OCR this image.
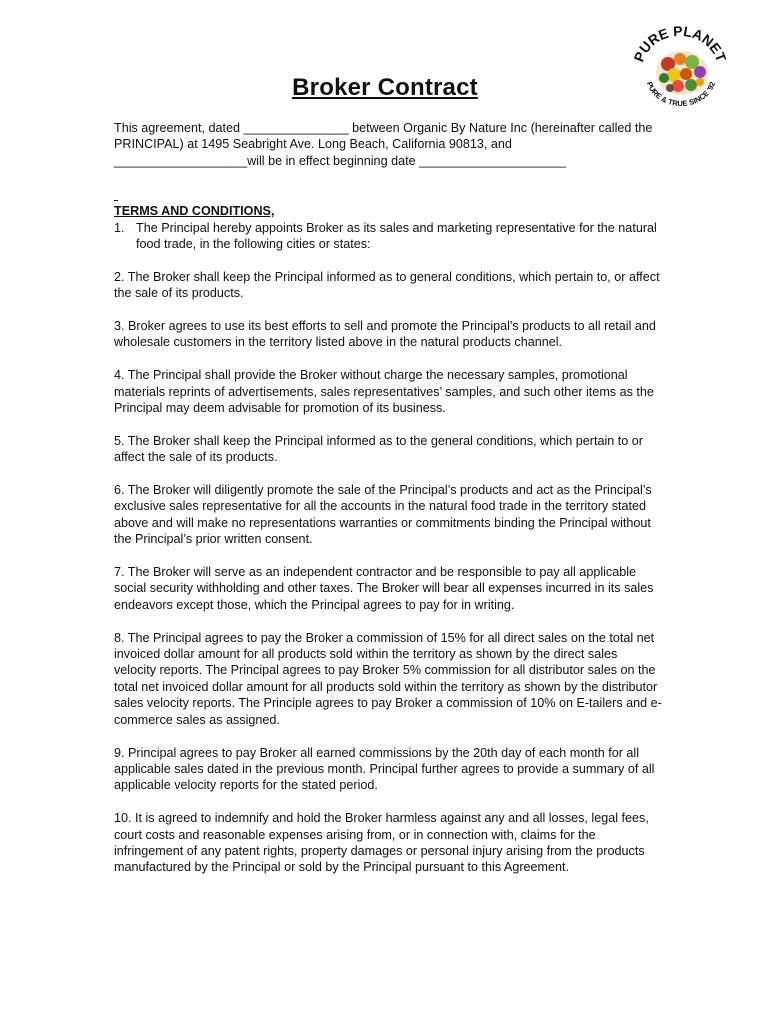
PURE PLANET
PURE & TRUE SINCE '92
Broker Contract

This agreement, dated _______________ between Organic By Nature Inc (hereinafter called the PRINCIPAL) at 1495 Seabright Ave. Long Beach, California 90813, and ___________________will be in effect beginning date _____________________

TERMS AND CONDITIONS,

1. The Principal hereby appoints Broker as its sales and marketing representative for the natural food trade, in the following cities or states:

2. The Broker shall keep the Principal informed as to general conditions, which pertain to, or affect the sale of its products.

3. Broker agrees to use its best efforts to sell and promote the Principal's products to all retail and wholesale customers in the territory listed above in the natural products channel.

4. The Principal shall provide the Broker without charge the necessary samples, promotional materials reprints of advertisements, sales representatives’ samples, and such other items as the Principal may deem advisable for promotion of its business.

5. The Broker shall keep the Principal informed as to the general conditions, which pertain to or affect the sale of its products.

6. The Broker will diligently promote the sale of the Principal’s products and act as the Principal’s exclusive sales representative for all the accounts in the natural food trade in the territory stated above and will make no representations warranties or commitments binding the Principal without the Principal’s prior written consent.

7. The Broker will serve as an independent contractor and be responsible to pay all applicable social security withholding and other taxes. The Broker will bear all expenses incurred in its sales endeavors except those, which the Principal agrees to pay for in writing.

8. The Principal agrees to pay the Broker a commission of 15% for all direct sales on the total net invoiced dollar amount for all products sold within the territory as shown by the direct sales velocity reports. The Principal agrees to pay Broker 5% commission for all distributor sales on the total net invoiced dollar amount for all products sold within the territory as shown by the distributor sales velocity reports. The Principle agrees to pay Broker a commission of 10% on E-tailers and e-commerce sales as assigned.

9. Principal agrees to pay Broker all earned commissions by the 20th day of each month for all applicable sales dated in the previous month. Principal further agrees to provide a summary of all applicable velocity reports for the stated period.

10. It is agreed to indemnify and hold the Broker harmless against any and all losses, legal fees, court costs and reasonable expenses arising from, or in connection with, claims for the infringement of any patent rights, property damages or personal injury arising from the products manufactured by the Principal or sold by the Principal pursuant to this Agreement.
